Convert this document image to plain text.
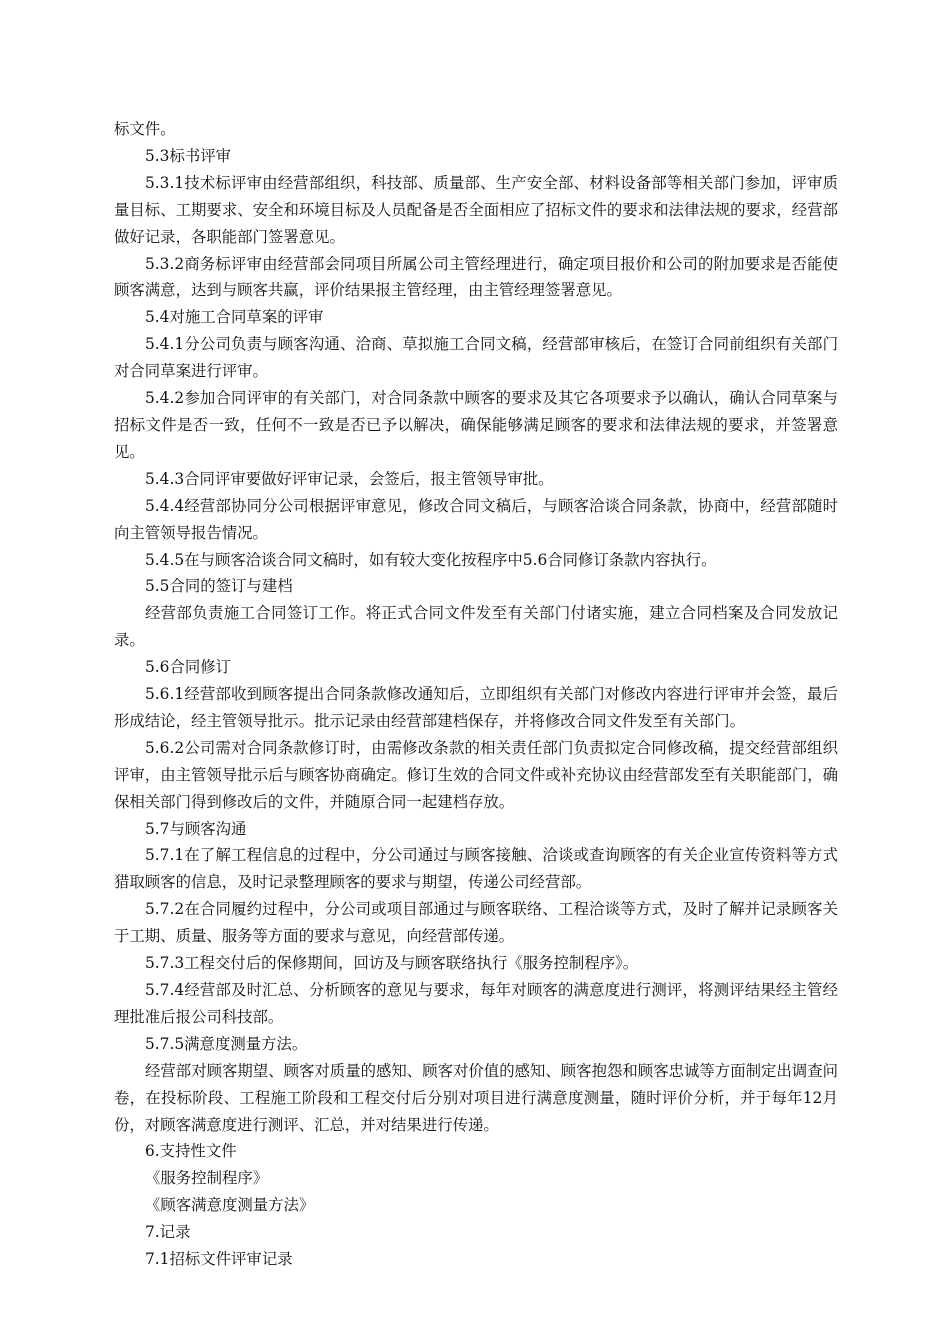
标文件。

5.3标书评审

5.3.1技术标评审由经营部组织，科技部、质量部、生产安全部、材料设备部等相关部门参加，评审质量目标、工期要求、安全和环境目标及人员配备是否全面相应了招标文件的要求和法律法规的要求，经营部做好记录，各职能部门签署意见。

5.3.2商务标评审由经营部会同项目所属公司主管经理进行，确定项目报价和公司的附加要求是否能使顾客满意，达到与顾客共赢，评价结果报主管经理，由主管经理签署意见。

5.4对施工合同草案的评审

5.4.1分公司负责与顾客沟通、洽商、草拟施工合同文稿，经营部审核后，在签订合同前组织有关部门对合同草案进行评审。

5.4.2参加合同评审的有关部门，对合同条款中顾客的要求及其它各项要求予以确认，确认合同草案与招标文件是否一致，任何不一致是否已予以解决，确保能够满足顾客的要求和法律法规的要求，并签署意见。

5.4.3合同评审要做好评审记录，会签后，报主管领导审批。

5.4.4经营部协同分公司根据评审意见，修改合同文稿后，与顾客洽谈合同条款，协商中，经营部随时向主管领导报告情况。

5.4.5在与顾客洽谈合同文稿时，如有较大变化按程序中5.6合同修订条款内容执行。

5.5合同的签订与建档

经营部负责施工合同签订工作。将正式合同文件发至有关部门付诸实施，建立合同档案及合同发放记录。

5.6合同修订

5.6.1经营部收到顾客提出合同条款修改通知后，立即组织有关部门对修改内容进行评审并会签，最后形成结论，经主管领导批示。批示记录由经营部建档保存，并将修改合同文件发至有关部门。

5.6.2公司需对合同条款修订时，由需修改条款的相关责任部门负责拟定合同修改稿，提交经营部组织评审，由主管领导批示后与顾客协商确定。修订生效的合同文件或补充协议由经营部发至有关职能部门，确保相关部门得到修改后的文件，并随原合同一起建档存放。

5.7与顾客沟通

5.7.1在了解工程信息的过程中，分公司通过与顾客接触、洽谈或查询顾客的有关企业宣传资料等方式猎取顾客的信息，及时记录整理顾客的要求与期望，传递公司经营部。

5.7.2在合同履约过程中，分公司或项目部通过与顾客联络、工程洽谈等方式，及时了解并记录顾客关于工期、质量、服务等方面的要求与意见，向经营部传递。

5.7.3工程交付后的保修期间，回访及与顾客联络执行《服务控制程序》。

5.7.4经营部及时汇总、分析顾客的意见与要求，每年对顾客的满意度进行测评，将测评结果经主管经理批准后报公司科技部。

5.7.5满意度测量方法。

经营部对顾客期望、顾客对质量的感知、顾客对价值的感知、顾客抱怨和顾客忠诚等方面制定出调查问卷，在投标阶段、工程施工阶段和工程交付后分别对项目进行满意度测量，随时评价分析，并于每年12月份，对顾客满意度进行测评、汇总，并对结果进行传递。

6.支持性文件

《服务控制程序》

《顾客满意度测量方法》

7.记录

7.1招标文件评审记录
